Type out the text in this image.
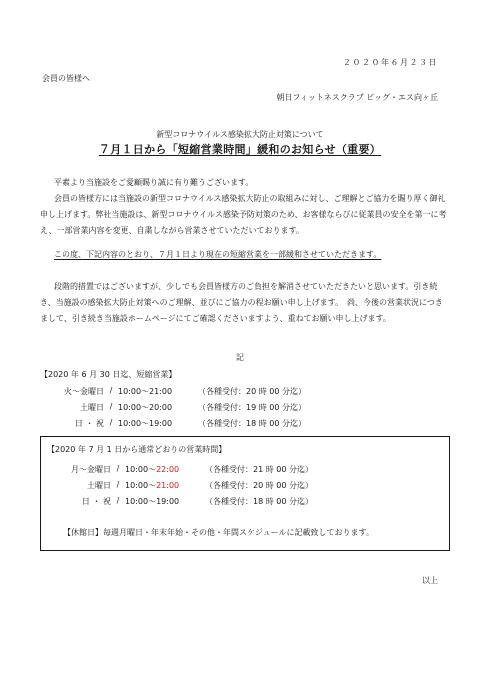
２０２０年６月２３日
会員の皆様へ
朝日フィットネスクラブ ビッグ・エス向ヶ丘
新型コロナウイルス感染拡大防止対策について
７月１日から「短縮営業時間」緩和のお知らせ（重要）
平素より当施設をご愛顧賜り誠に有り難うございます。
会員の皆様方には当施設の新型コロナウイルス感染拡大防止の取組みに対し、ご理解とご協力を賜り厚く御礼申し上げます。弊社当施設は、新型コロナウイルス感染予防対策のため、お客様ならびに従業員の安全を第一に考え、一部営業内容を変更、自粛しながら営業させていただいております。
この度、下記内容のとおり、７月１日より現在の短縮営業を一部緩和させていただきます。
段階的措置ではございますが、少しでも会員皆様方のご負担を解消させていただきたいと思います。引き続き、当施設の感染拡大防止対策へのご理解、並びにご協力の程お願い申し上げます。　尚、今後の営業状況につきまして、引き続き当施設ホームページにてご確認くださいますよう、重ねてお願い申し上げます。
記
【2020 年 6 月 30 日迄、短縮営業】
火～金曜日 / 10:00～21:00	（各種受付：20 時 00 分迄）
土曜日 / 10:00～20:00	（各種受付：19 時 00 分迄）
日 ・ 祝 / 10:00～19:00	（各種受付：18 時 00 分迄）
【2020 年 7 月 1 日から通常どおりの営業時間】
月～金曜日 / 10:00～22:00	（各種受付：21 時 00 分迄）
土曜日 / 10:00～21:00	（各種受付：20 時 00 分迄）
日 ・ 祝 / 10:00～19:00	（各種受付：18 時 00 分迄）
【休館日】毎週月曜日・年末年始・その他・年間スケジュールに記載致しております。
以上
